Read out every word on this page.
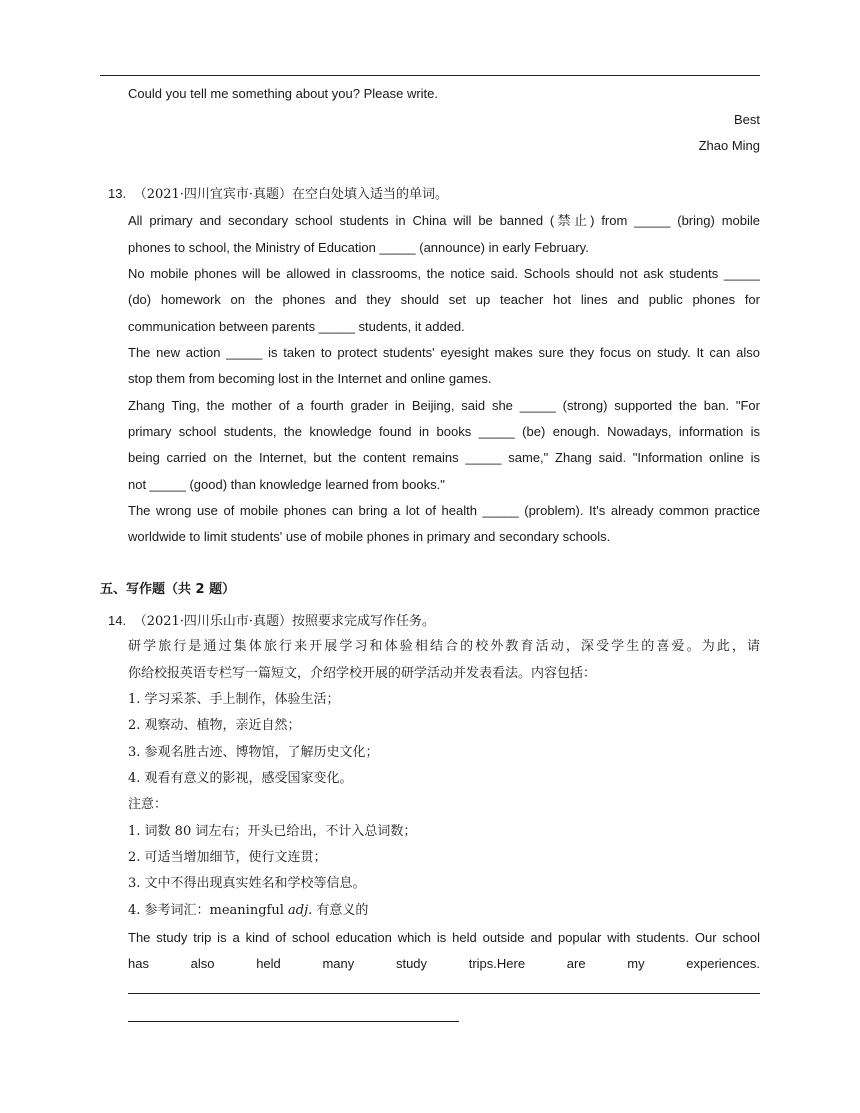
Could you tell me something about you? Please write.
Best
Zhao Ming
13. （2021·四川宜宾市·真题）在空白处填入适当的单词。
All primary and secondary school students in China will be banned (禁止) from _____ (bring) mobile
phones to school, the Ministry of Education _____ (announce) in early February.
No mobile phones will be allowed in classrooms, the notice said. Schools should not ask students _____
(do) homework on the phones and they should set up teacher hot lines and public phones for
communication between parents _____ students, it added.
The new action _____ is taken to protect students' eyesight makes sure they focus on study. It can also
stop them from becoming lost in the Internet and online games.
Zhang Ting, the mother of a fourth grader in Beijing, said she _____ (strong) supported the ban. "For
primary school students, the knowledge found in books _____ (be) enough. Nowadays, information is
being carried on the Internet, but the content remains _____ same," Zhang said. "Information online is
not _____ (good) than knowledge learned from books."
The wrong use of mobile phones can bring a lot of health _____ (problem). It's already common practice
worldwide to limit students' use of mobile phones in primary and secondary schools.
五、写作题（共 2 题）
14. （2021·四川乐山市·真题）按照要求完成写作任务。
研学旅行是通过集体旅行来开展学习和体验相结合的校外教育活动，深受学生的喜爱。为此，请
你给校报英语专栏写一篇短文，介绍学校开展的研学活动并发表看法。内容包括：
1. 学习采茶、手上制作，体验生活；
2. 观察动、植物，亲近自然；
3. 参观名胜古迹、博物馆，了解历史文化；
4. 观看有意义的影视，感受国家变化。
注意：
1. 词数 80 词左右；开头已给出，不计入总词数；
2. 可适当增加细节，使行文连贯；
3. 文中不得出现真实姓名和学校等信息。
4. 参考词汇：meaningful adj. 有意义的
The study trip is a kind of school education which is held outside and popular with students. Our school
has also held many study trips.Here are my experiences.
